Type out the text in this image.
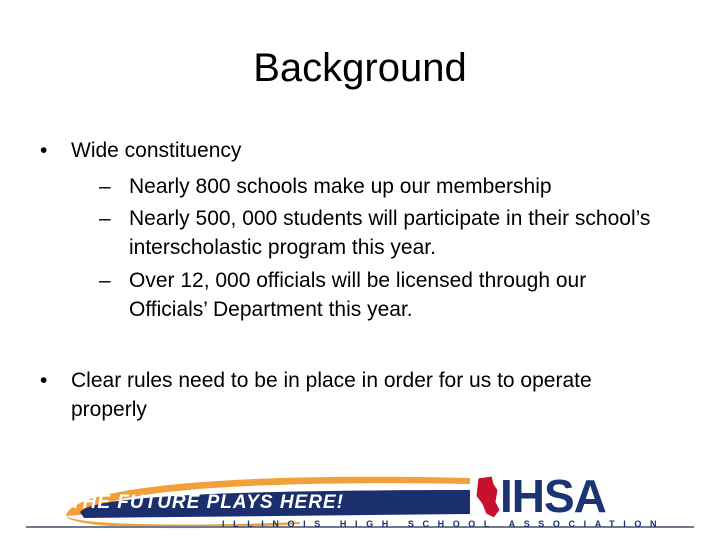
Background
• Wide constituency
– Nearly 800 schools make up our membership
– Nearly 500, 000 students will participate in their school’s interscholastic program this year.
– Over 12, 000 officials will be licensed through our Officials’ Department this year.
• Clear rules need to be in place in order for us to operate properly
THE FUTURE PLAYS HERE!	IHSA
ILLINOIS HIGH SCHOOL ASSOCIATION
